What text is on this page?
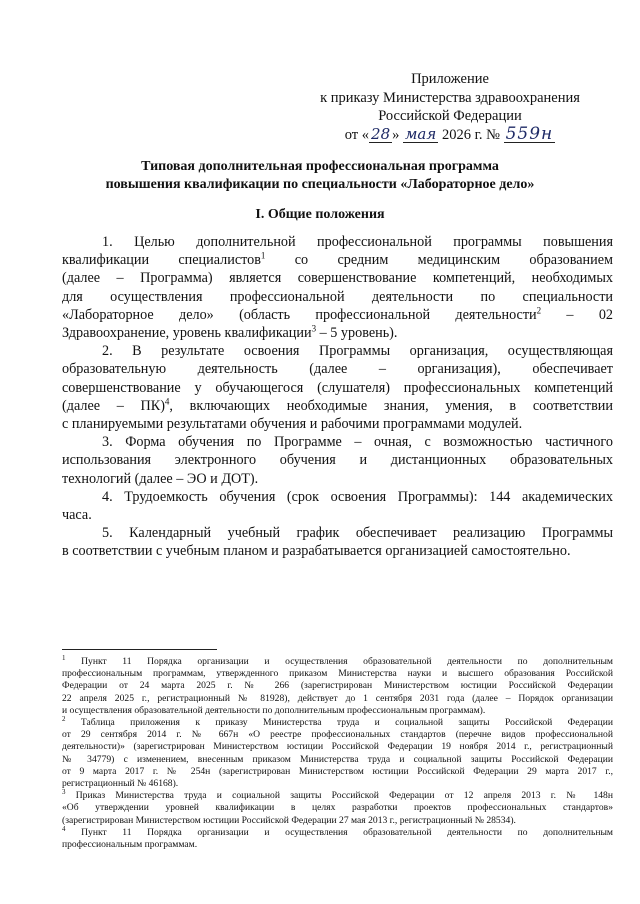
Приложение
к приказу Министерства здравоохранения
Российской Федерации
от « 28 » мая 2026 г. № 559н
Типовая дополнительная профессиональная программа
повышения квалификации по специальности «Лабораторное дело»
I. Общие положения
1. Целью дополнительной профессиональной программы повышения
квалификации специалистов$^1$ со средним медицинским образованием
(далее – Программа) является совершенствование компетенций, необходимых
для осуществления профессиональной деятельности по специальности
«Лабораторное дело» (область профессиональной деятельности$^2$ – 02
Здравоохранение, уровень квалификации$^3$ – 5 уровень).
2. В результате освоения Программы организация, осуществляющая
образовательную деятельность (далее – организация), обеспечивает
совершенствование у обучающегося (слушателя) профессиональных компетенций
(далее – ПК)$^4$, включающих необходимые знания, умения, в соответствии
с планируемыми результатами обучения и рабочими программами модулей.
3. Форма обучения по Программе – очная, с возможностью частичного
использования электронного обучения и дистанционных образовательных
технологий (далее – ЭО и ДОТ).
4. Трудоемкость обучения (срок освоения Программы): 144 академических
часа.
5. Календарный учебный график обеспечивает реализацию Программы
в соответствии с учебным планом и разрабатывается организацией самостоятельно.
$^1$ Пункт 11 Порядка организации и осуществления образовательной деятельности по дополнительным
профессиональным программам, утвержденного приказом Министерства науки и высшего образования Российской
Федерации от 24 марта 2025 г. № 266 (зарегистрирован Министерством юстиции Российской Федерации
22 апреля 2025 г., регистрационный № 81928), действует до 1 сентября 2031 года (далее – Порядок организации
и осуществления образовательной деятельности по дополнительным профессиональным программам).
$^2$ Таблица приложения к приказу Министерства труда и социальной защиты Российской Федерации
от 29 сентября 2014 г. № 667н «О реестре профессиональных стандартов (перечне видов профессиональной
деятельности)» (зарегистрирован Министерством юстиции Российской Федерации 19 ноября 2014 г., регистрационный
№ 34779) с изменением, внесенным приказом Министерства труда и социальной защиты Российской Федерации
от 9 марта 2017 г. № 254н (зарегистрирован Министерством юстиции Российской Федерации 29 марта 2017 г.,
регистрационный № 46168).
$^3$ Приказ Министерства труда и социальной защиты Российской Федерации от 12 апреля 2013 г. № 148н
«Об утверждении уровней квалификации в целях разработки проектов профессиональных стандартов»
(зарегистрирован Министерством юстиции Российской Федерации 27 мая 2013 г., регистрационный № 28534).
$^4$ Пункт 11 Порядка организации и осуществления образовательной деятельности по дополнительным
профессиональным программам.
